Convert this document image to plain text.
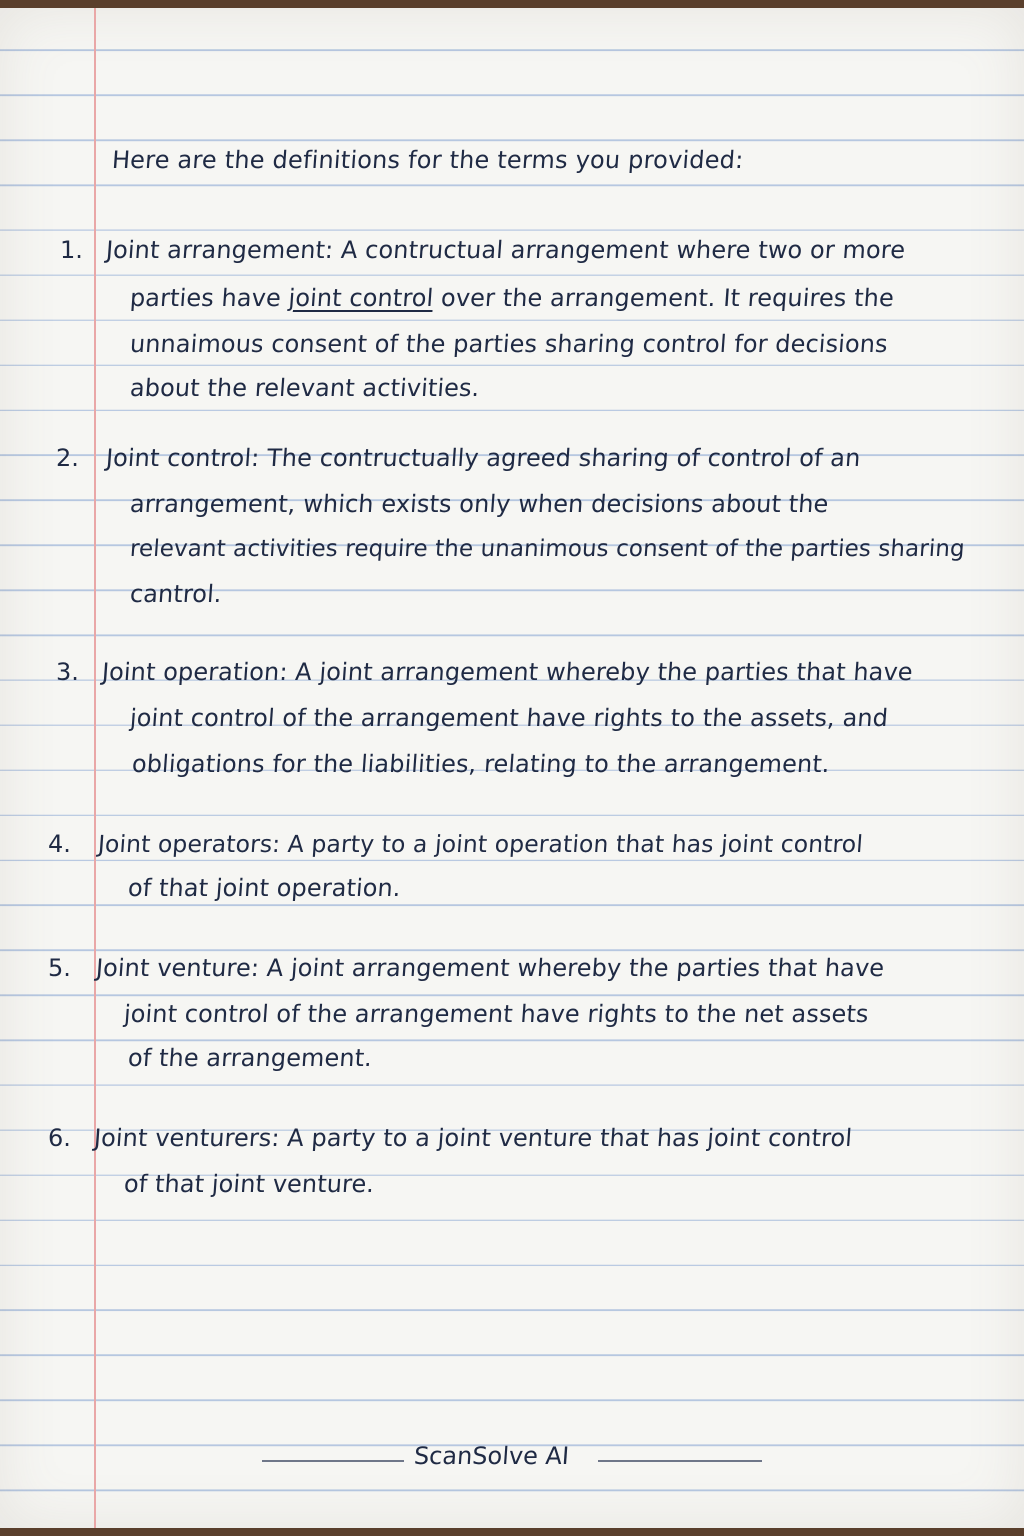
Here are the definitions for the terms you provided:
1. Joint arrangement: A contructual arrangement where two or more
parties have joint control over the arrangement. It requires the
unnaimous consent of the parties sharing control for decisions
about the relevant activities.
2. Joint control: The contructually agreed sharing of control of an
arrangement, which exists only when decisions about the
relevant activities require the unanimous consent of the parties sharing
cantrol.
3. Joint operation: A joint arrangement whereby the parties that have
joint control of the arrangement have rights to the assets, and
obligations for the liabilities, relating to the arrangement.
4. Joint operators: A party to a joint operation that has joint control
of that joint operation.
5. Joint venture: A joint arrangement whereby the parties that have
joint control of the arrangement have rights to the net assets
of the arrangement.
6. Joint venturers: A party to a joint venture that has joint control
of that joint venture.
ScanSolve AI
